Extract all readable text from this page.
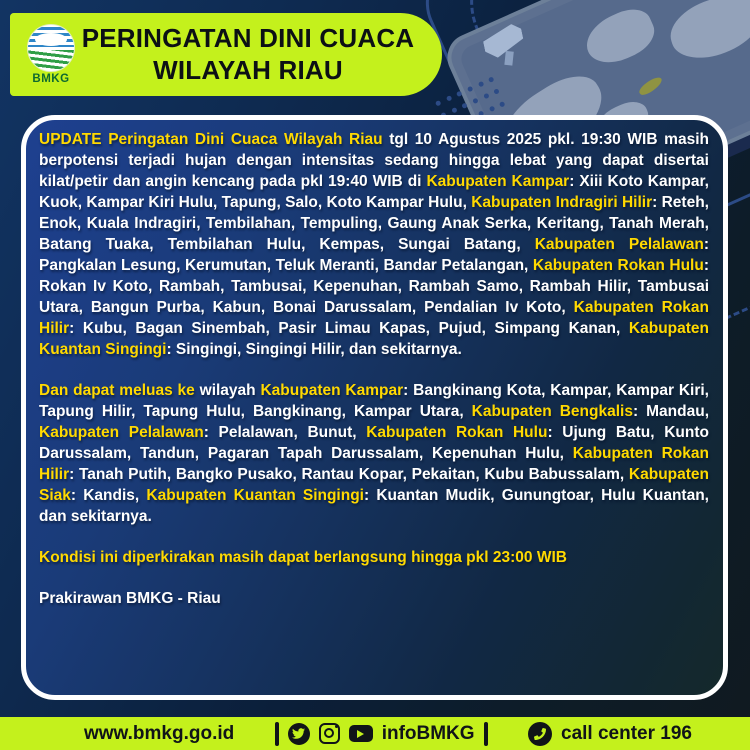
BMKG
PERINGATAN DINI CUACA
WILAYAH RIAU

UPDATE Peringatan Dini Cuaca Wilayah Riau tgl 10 Agustus 2025 pkl. 19:30 WIB masih berpotensi terjadi hujan dengan intensitas sedang hingga lebat yang dapat disertai kilat/petir dan angin kencang pada pkl 19:40 WIB di Kabupaten Kampar: Xiii Koto Kampar, Kuok, Kampar Kiri Hulu, Tapung, Salo, Koto Kampar Hulu, Kabupaten Indragiri Hilir: Reteh, Enok, Kuala Indragiri, Tembilahan, Tempuling, Gaung Anak Serka, Keritang, Tanah Merah, Batang Tuaka, Tembilahan Hulu, Kempas, Sungai Batang, Kabupaten Pelalawan: Pangkalan Lesung, Kerumutan, Teluk Meranti, Bandar Petalangan, Kabupaten Rokan Hulu: Rokan Iv Koto, Rambah, Tambusai, Kepenuhan, Rambah Samo, Rambah Hilir, Tambusai Utara, Bangun Purba, Kabun, Bonai Darussalam, Pendalian Iv Koto, Kabupaten Rokan Hilir: Kubu, Bagan Sinembah, Pasir Limau Kapas, Pujud, Simpang Kanan, Kabupaten Kuantan Singingi: Singingi, Singingi Hilir, dan sekitarnya.

Dan dapat meluas ke wilayah Kabupaten Kampar: Bangkinang Kota, Kampar, Kampar Kiri, Tapung Hilir, Tapung Hulu, Bangkinang, Kampar Utara, Kabupaten Bengkalis: Mandau, Kabupaten Pelalawan: Pelalawan, Bunut, Kabupaten Rokan Hulu: Ujung Batu, Kunto Darussalam, Tandun, Pagaran Tapah Darussalam, Kepenuhan Hulu, Kabupaten Rokan Hilir: Tanah Putih, Bangko Pusako, Rantau Kopar, Pekaitan, Kubu Babussalam, Kabupaten Siak: Kandis, Kabupaten Kuantan Singingi: Kuantan Mudik, Gunungtoar, Hulu Kuantan, dan sekitarnya.

Kondisi ini diperkirakan masih dapat berlangsung hingga pkl 23:00 WIB

Prakirawan BMKG - Riau

www.bmkg.go.id	infoBMKG	call center 196
